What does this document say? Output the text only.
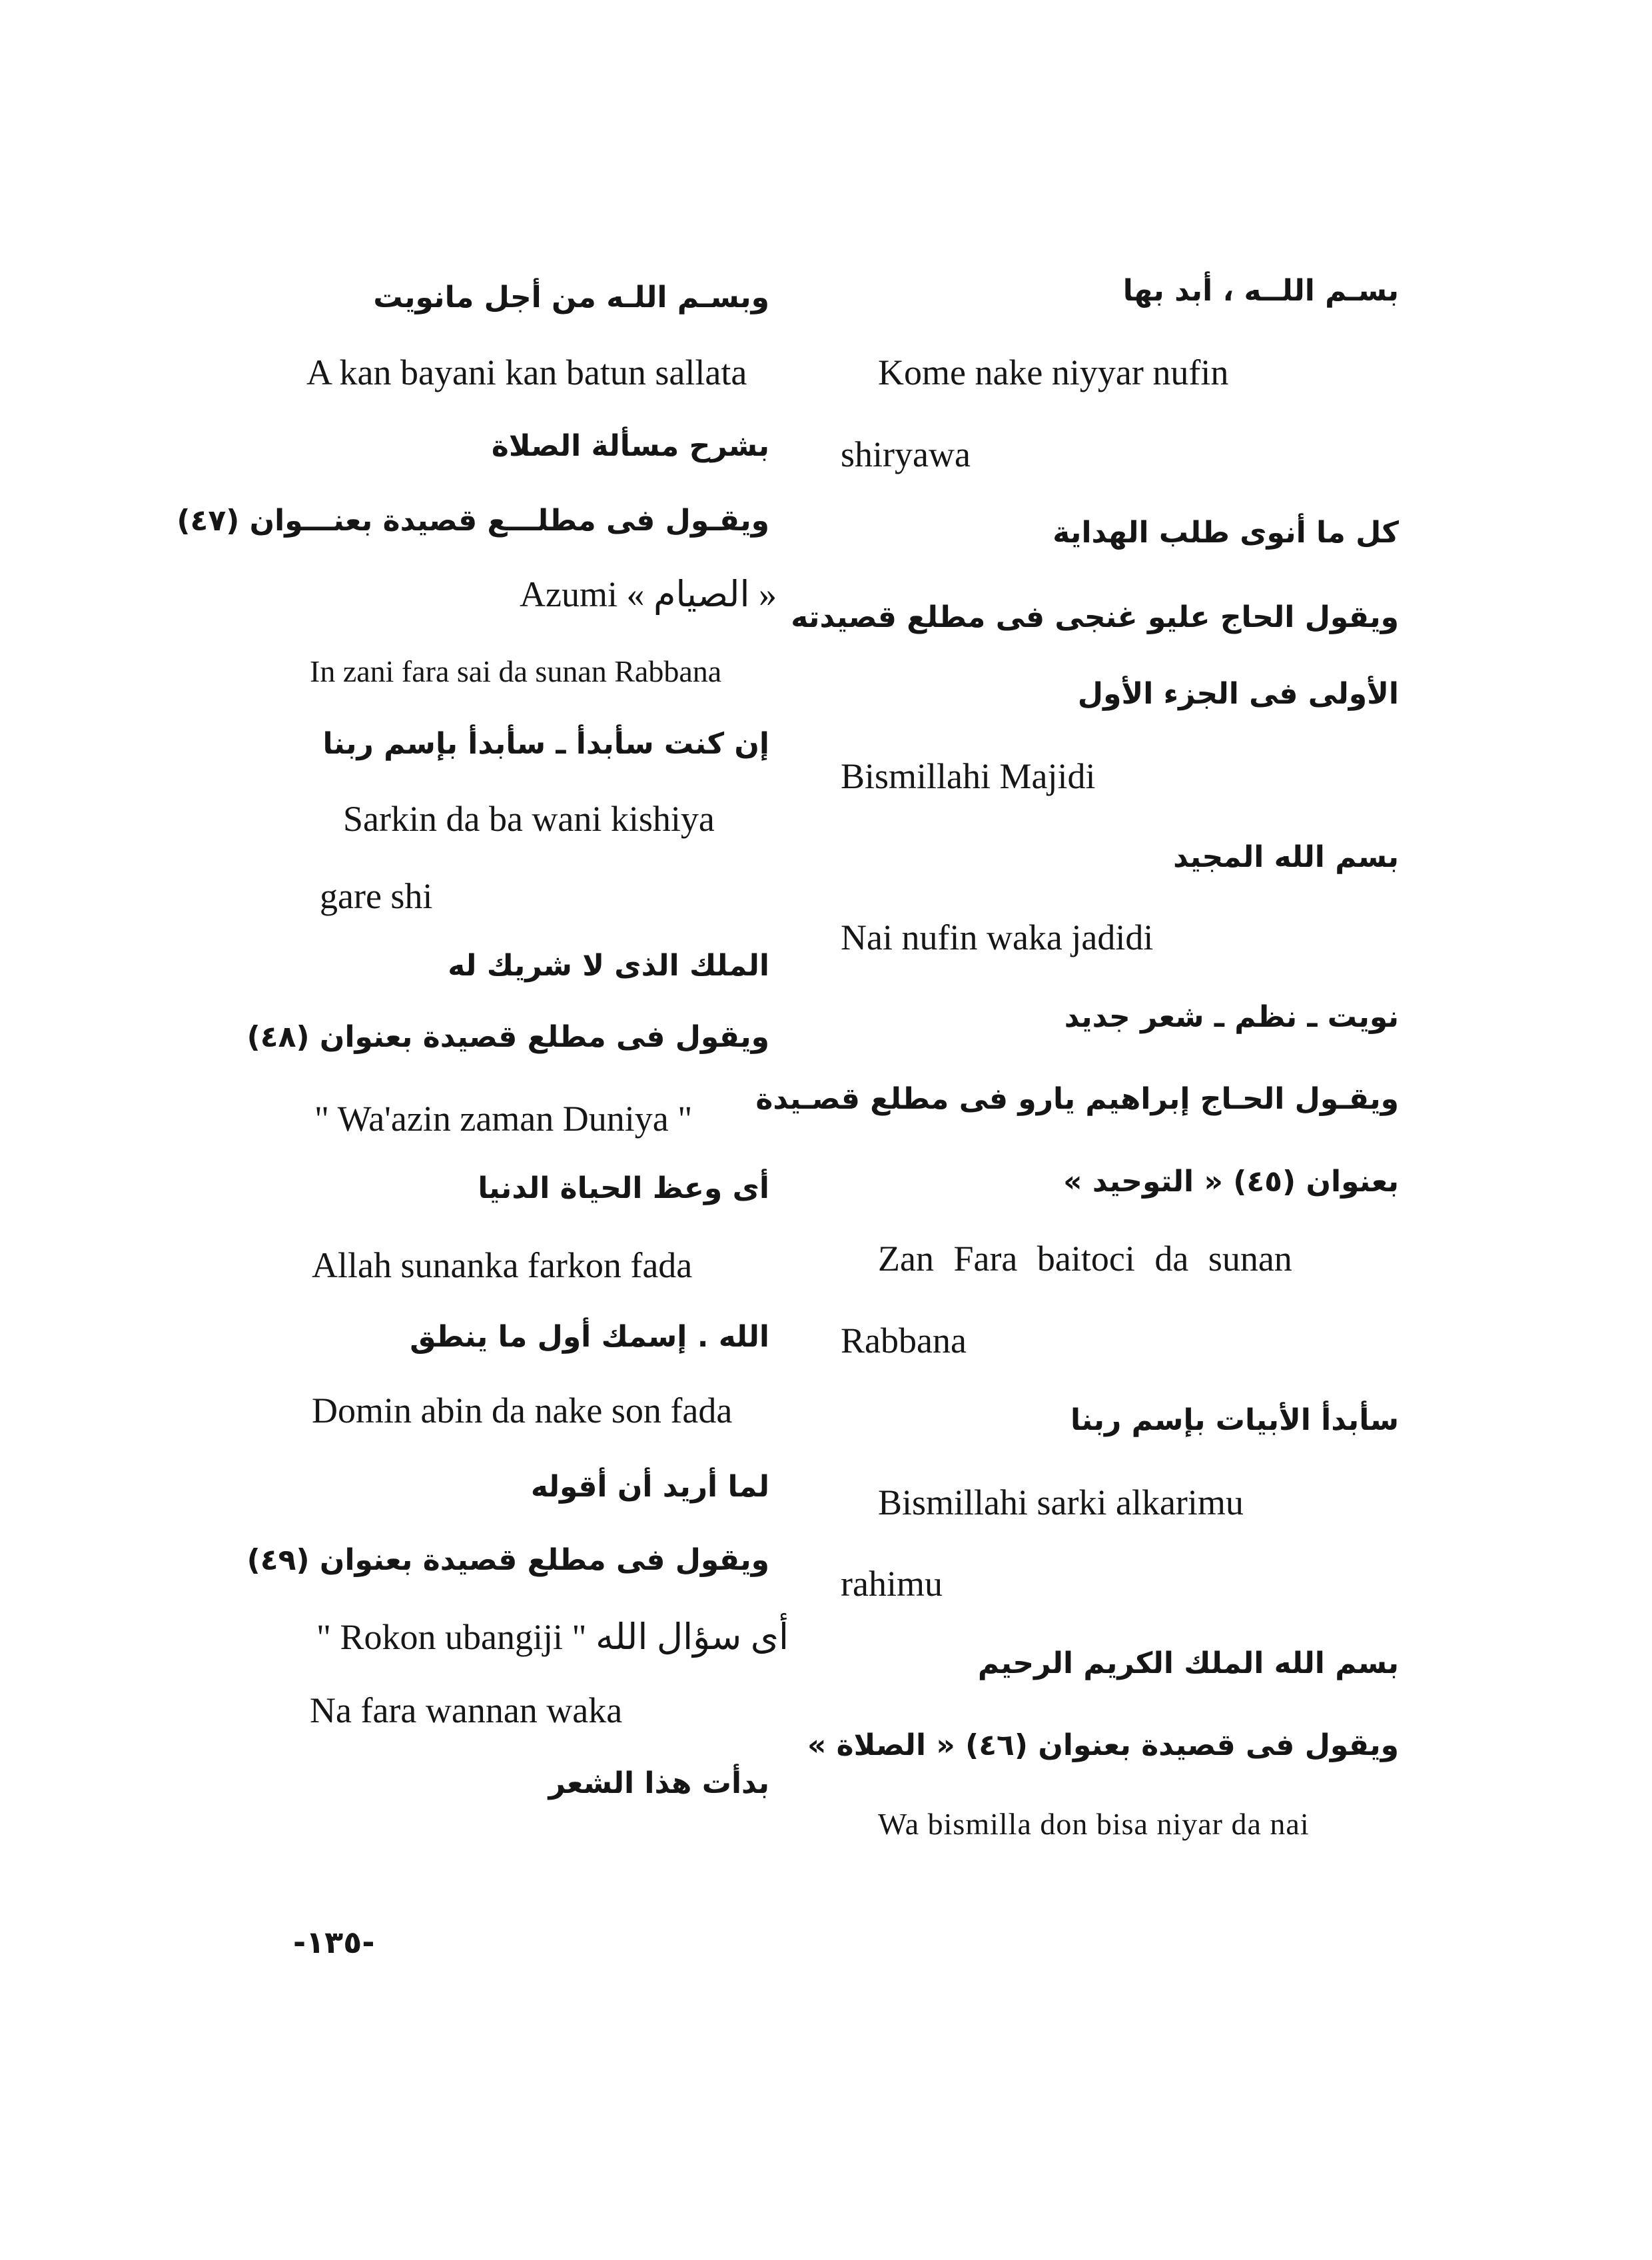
بسـم اللــه ، أبد بها
Kome nake niyyar nufin
shiryawa
كل ما أنوى طلب الهداية
ويقول الحاج عليو غنجى فى مطلع قصيدته
الأولى فى الجزء الأول
Bismillahi Majidi
بسم الله المجيد
Nai nufin waka jadidi
نويت ـ نظم ـ شعر جديد
ويقـول الحـاج إبراهيم يارو فى مطلع قصـيدة
بعنوان (٤٥) « التوحيد »
Zan Fara baitoci da sunan
Rabbana
سأبدأ الأبيات بإسم ربنا
Bismillahi sarki alkarimu
rahimu
بسم الله الملك الكريم الرحيم
ويقول فى قصيدة بعنوان (٤٦) « الصلاة »
Wa bismilla don bisa niyar da nai
وبسـم اللـه من أجل مانويت
A kan bayani kan batun sallata
بشرح مسألة الصلاة
ويقـول فى مطلـــع قصيدة بعنـــوان (٤٧)
Azumi « الصيام »
In zani fara sai da sunan Rabbana
إن كنت سأبدأ ـ سأبدأ بإسم ربنا
Sarkin da ba wani kishiya
gare shi
الملك الذى لا شريك له
ويقول فى مطلع قصيدة بعنوان (٤٨)
" Wa'azin zaman Duniya "
أى وعظ الحياة الدنيا
Allah sunanka farkon fada
الله . إسمك أول ما ينطق
Domin abin da nake son fada
لما أريد أن أقوله
ويقول فى مطلع قصيدة بعنوان (٤٩)
" Rokon ubangiji " أى سؤال الله
Na fara wannan waka
بدأت هذا الشعر
-١٣٥-
